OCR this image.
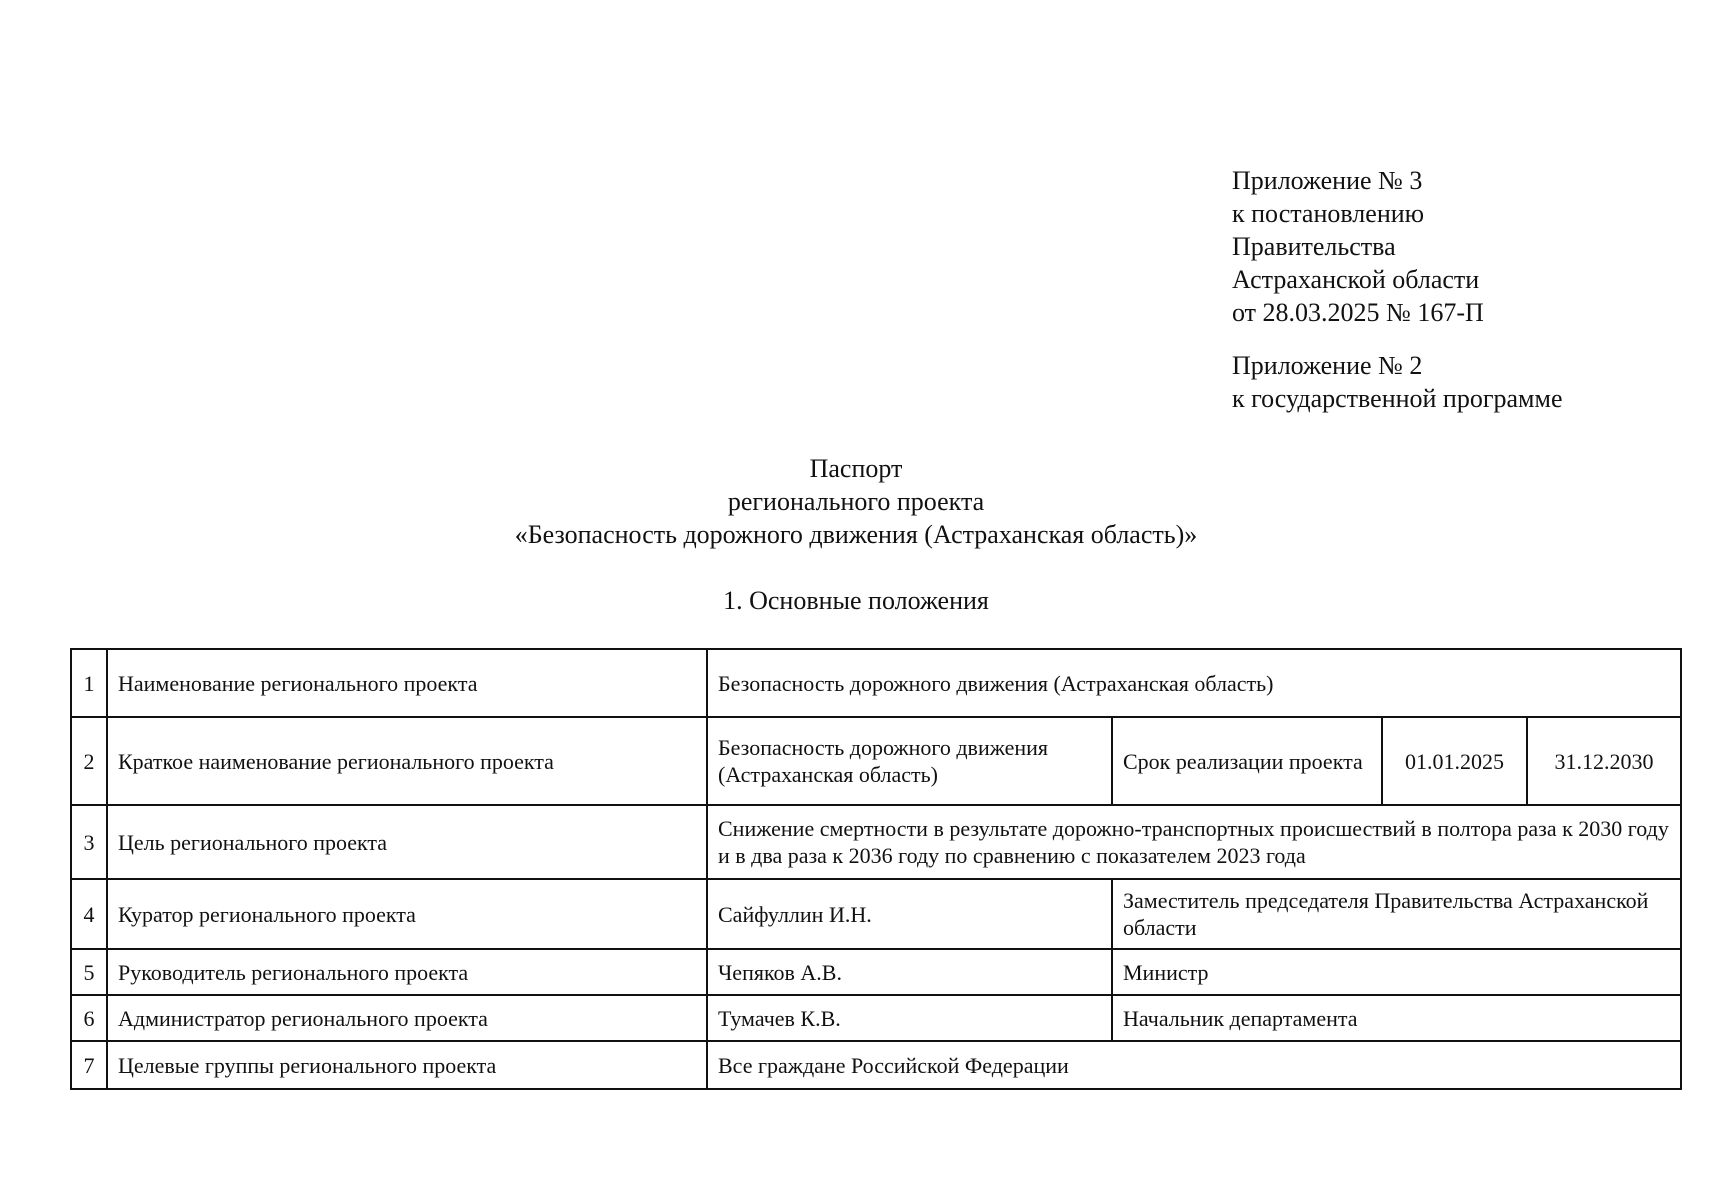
Приложение № 3
к постановлению
Правительства
Астраханской области
от 28.03.2025 № 167-П
Приложение № 2
к государственной программе
Паспорт
регионального проекта
«Безопасность дорожного движения (Астраханская область)»
1. Основные положения
1	Наименование регионального проекта	Безопасность дорожного движения (Астраханская область)			
2	Краткое наименование регионального проекта	Безопасность дорожного движения (Астраханская область)	Срок реализации проекта	01.01.2025	31.12.2030
3	Цель регионального проекта	Снижение смертности в результате дорожно-транспортных происшествий в полтора раза к 2030 году и в два раза к 2036 году по сравнению с показателем 2023 года			
4	Куратор регионального проекта	Сайфуллин И.Н.	Заместитель председателя Правительства Астраханской области		
5	Руководитель регионального проекта	Чепяков А.В.	Министр		
6	Администратор регионального проекта	Тумачев К.В.	Начальник департамента		
7	Целевые группы регионального проекта	Все граждане Российской Федерации			
